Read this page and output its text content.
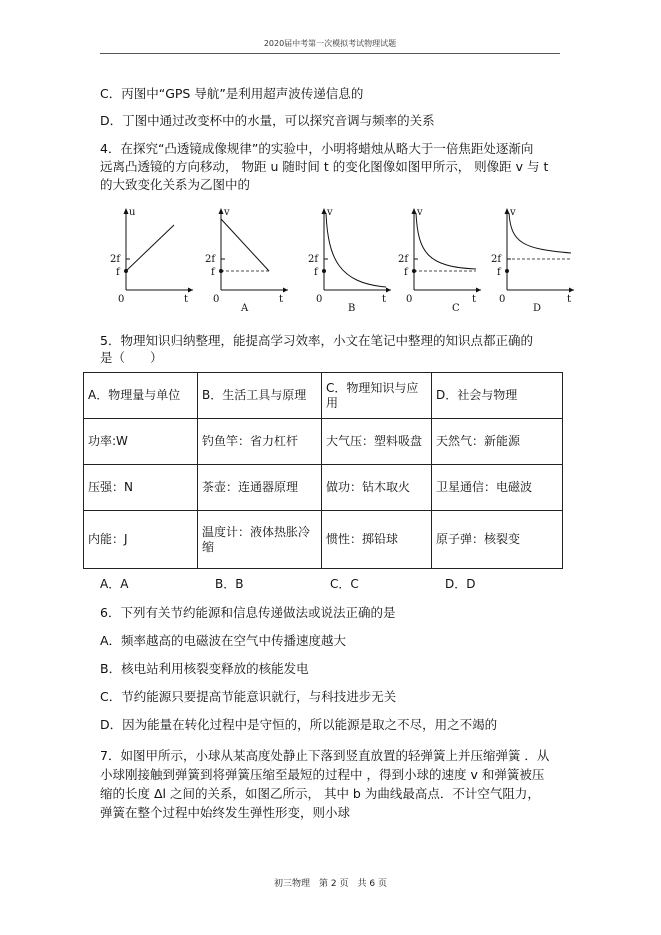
2020届中考第一次模拟考试物理试题
C．丙图中“GPS 导航”是利用超声波传递信息的
D．丁图中通过改变杯中的水量，可以探究音调与频率的关系
4．在探究“凸透镜成像规律”的实验中，小明将蜡烛从略大于一倍焦距处逐渐向
远离凸透镜的方向移动， 物距 u 随时间 t 的变化图像如图甲所示， 则像距 v 与 t
的大致变化关系为乙图中的
u
t
0
2f
f
v
t
0
2f
f
A
v
t
0
2f
f
B
v
t
0
2f
f
C
v
t
0
2f
f
D
5．物理知识归纳整理，能提高学习效率，小文在笔记中整理的知识点都正确的
是（　　）
A．物理量与单位	B．生活工具与原理	C．物理知识与应用	D．社会与物理
功率:W	钓鱼竿：省力杠杆	大气压：塑料吸盘	天然气：新能源
压强：N	茶壶：连通器原理	做功：钻木取火	卫星通信：电磁波
内能：J	温度计：液体热胀冷缩	惯性：掷铅球	原子弹：核裂变
A．A	B．B	C．C	D．D
6．下列有关节约能源和信息传递做法或说法正确的是
A．频率越高的电磁波在空气中传播速度越大
B．核电站利用核裂变释放的核能发电
C．节约能源只要提高节能意识就行，与科技进步无关
D．因为能量在转化过程中是守恒的，所以能源是取之不尽，用之不竭的
7．如图甲所示，小球从某高度处静止下落到竖直放置的轻弹簧上并压缩弹簧 ．从
小球刚接触到弹簧到将弹簧压缩至最短的过程中 ，得到小球的速度 v 和弹簧被压
缩的长度 Δl 之间的关系，如图乙所示， 其中 b 为曲线最高点．不计空气阻力，
弹簧在整个过程中始终发生弹性形变，则小球
初三物理　第 2 页　共 6 页
